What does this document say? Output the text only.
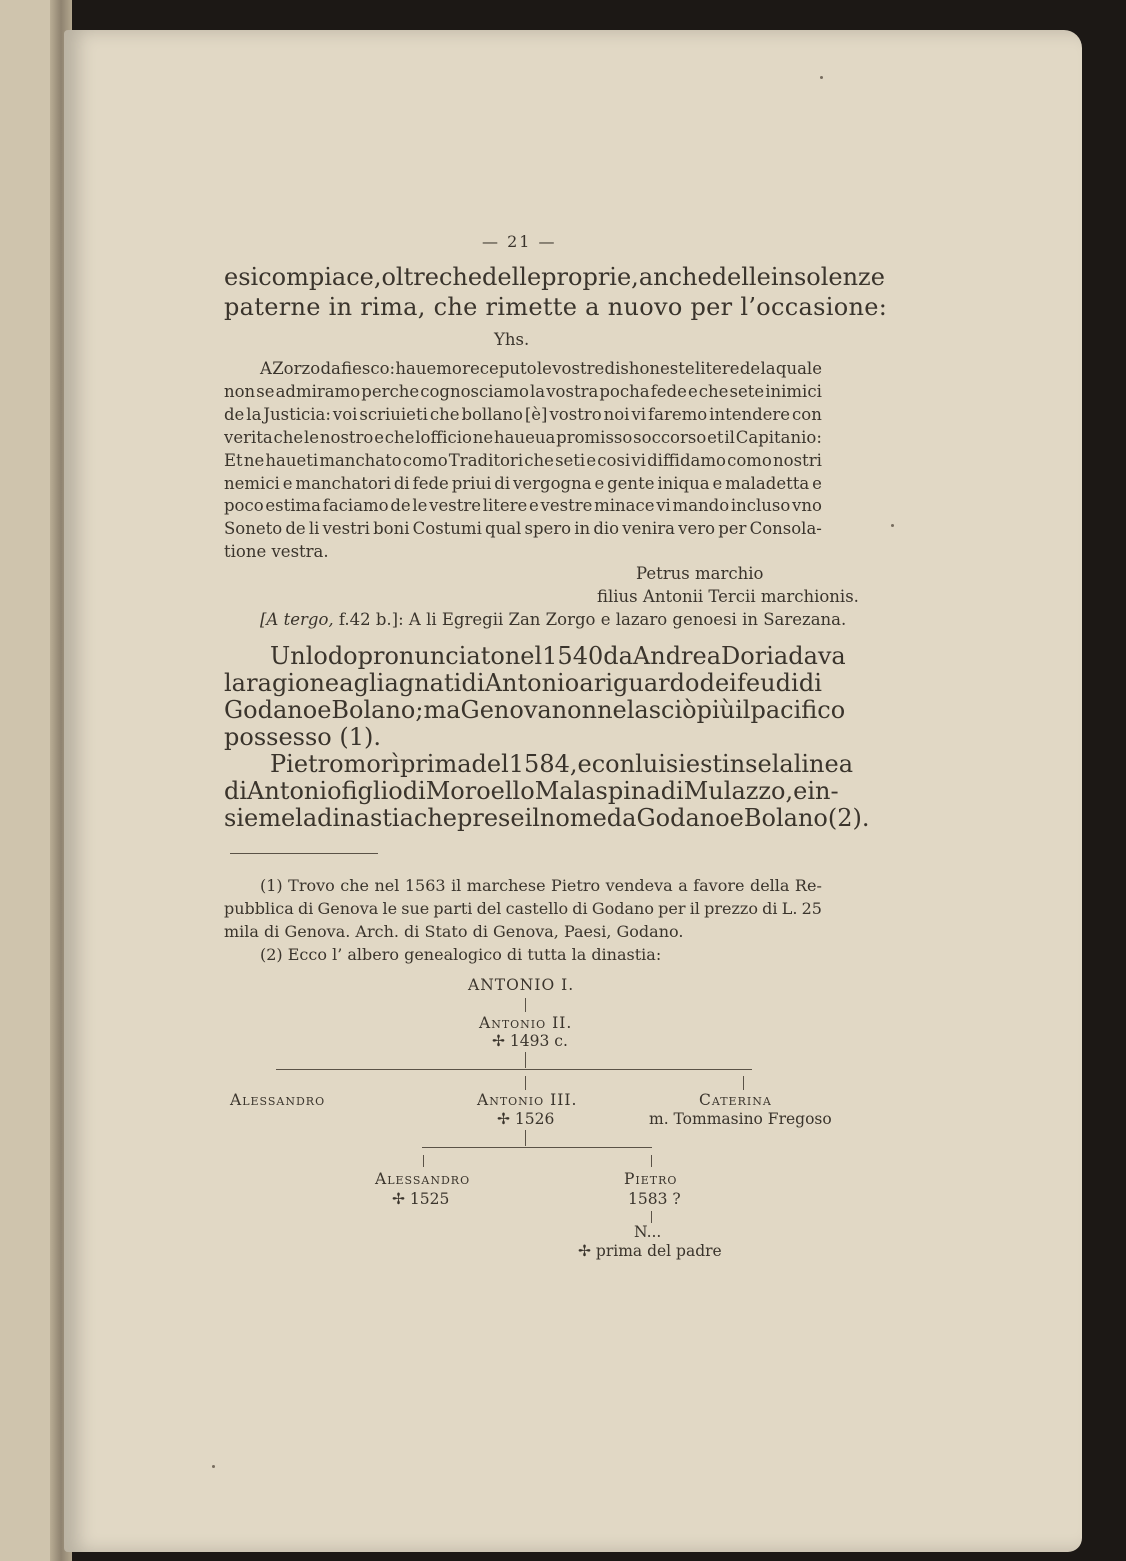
— 21 —
e si compiace, oltre che delle proprie, anche delle insolenze
paterne in rima, che rimette a nuovo per l’occasione:
Yhs.
A Zorzo da fiesco: hauemo receputo le vostre dishoneste litere de la quale
non se admiramo perche cognosciamo la vostra pocha fede e che sete inimici
de la Justicia: voi scriuieti che bollano [è] vostro noi vi faremo intendere con
verita che le nostro e che lofficio ne haueua promisso soccorso et il Capitanio:
Et ne haueti manchato como Traditori che seti e cosi vi diffidamo como nostri
nemici e manchatori di fede priui di vergogna e gente iniqua e maladetta e
poco estima faciamo de le vestre litere e vestre minace vi mando incluso vno
Soneto de li vestri boni Costumi qual spero in dio venira vero per Consola-
tione vestra.
Petrus marchio
filius Antonii Tercii marchionis.
[A tergo, f.42 b.]: A li Egregii Zan Zorgo e lazaro genoesi in Sarezana.
Un lodo pronunciato nel 1540 da Andrea Doria dava
la ragione agli agnati di Antonio a riguardo dei feudi di
Godano e Bolano; ma Genova non ne lasciò più il pacifico
possesso (1).
Pietro morì prima del 1584, e con lui si estinse la linea
di Antonio figlio di Moroello Malaspina di Mulazzo, e in-
sieme la dinastia che prese il nome da Godano e Bolano (2).
(1) Trovo che nel 1563 il marchese Pietro vendeva a favore della Re-
pubblica di Genova le sue parti del castello di Godano per il prezzo di L. 25
mila di Genova. Arch. di Stato di Genova, Paesi, Godano.
(2) Ecco l’ albero genealogico di tutta la dinastia:
ANTONIO I.
Antonio II.
✢ 1493 c.
Alessandro	Antonio III.
✢ 1526
Caterina
m. Tommasino Fregoso
Alessandro
✢ 1525
Pietro
1583 ?
N...
✢ prima del padre
